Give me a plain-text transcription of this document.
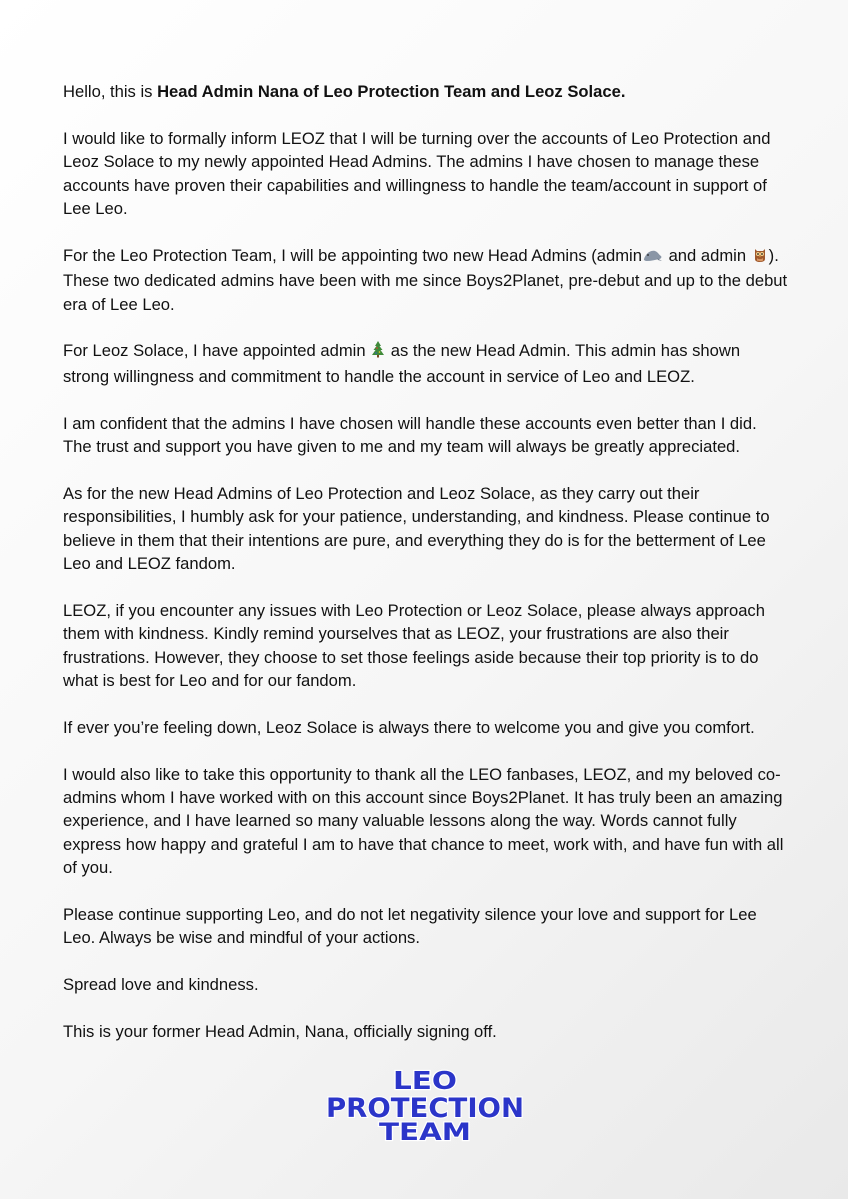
Hello, this is Head Admin Nana of Leo Protection Team and Leoz Solace.

I would like to formally inform LEOZ that I will be turning over the accounts of Leo Protection and Leoz Solace to my newly appointed Head Admins. The admins I have chosen to manage these accounts have proven their capabilities and willingness to handle the team/account in support of Lee Leo.

For the Leo Protection Team, I will be appointing two new Head Admins (admin and admin ). These two dedicated admins have been with me since Boys2Planet, pre-debut and up to the debut era of Lee Leo.

For Leoz Solace, I have appointed admin  as the new Head Admin. This admin has shown strong willingness and commitment to handle the account in service of Leo and LEOZ.

I am confident that the admins I have chosen will handle these accounts even better than I did. The trust and support you have given to me and my team will always be greatly appreciated.

As for the new Head Admins of Leo Protection and Leoz Solace, as they carry out their responsibilities, I humbly ask for your patience, understanding, and kindness. Please continue to believe in them that their intentions are pure, and everything they do is for the betterment of Lee Leo and LEOZ fandom.

LEOZ, if you encounter any issues with Leo Protection or Leoz Solace, please always approach them with kindness. Kindly remind yourselves that as LEOZ, your frustrations are also their frustrations. However, they choose to set those feelings aside because their top priority is to do what is best for Leo and for our fandom.

If ever you’re feeling down, Leoz Solace is always there to welcome you and give you comfort.

I would also like to take this opportunity to thank all the LEO fanbases, LEOZ, and my beloved co-admins whom I have worked with on this account since Boys2Planet. It has truly been an amazing experience, and I have learned so many valuable lessons along the way. Words cannot fully express how happy and grateful I am to have that chance to meet, work with, and have fun with all of you.

Please continue supporting Leo, and do not let negativity silence your love and support for Lee Leo. Always be wise and mindful of your actions.

Spread love and kindness.

This is your former Head Admin, Nana, officially signing off.

LEO
PROTECTION
TEAM
